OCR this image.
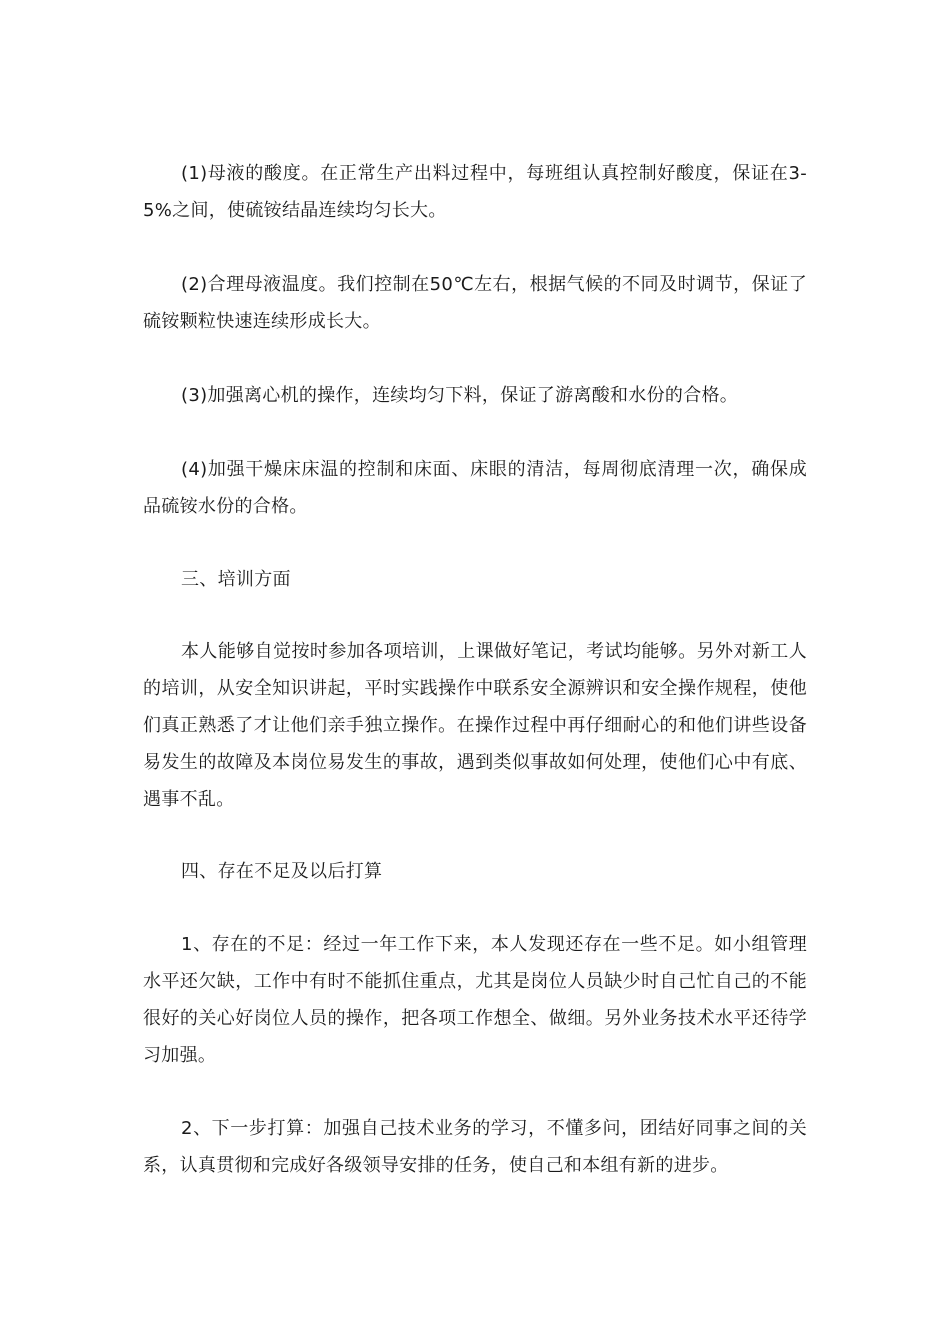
(1)母液的酸度。在正常生产出料过程中，每班组认真控制好酸度，保证在3-5%之间，使硫铵结晶连续均匀长大。

(2)合理母液温度。我们控制在50℃左右，根据气候的不同及时调节，保证了硫铵颗粒快速连续形成长大。

(3)加强离心机的操作，连续均匀下料，保证了游离酸和水份的合格。

(4)加强干燥床床温的控制和床面、床眼的清洁，每周彻底清理一次，确保成品硫铵水份的合格。

三、培训方面

本人能够自觉按时参加各项培训，上课做好笔记，考试均能够。另外对新工人的培训，从安全知识讲起，平时实践操作中联系安全源辨识和安全操作规程，使他们真正熟悉了才让他们亲手独立操作。在操作过程中再仔细耐心的和他们讲些设备易发生的故障及本岗位易发生的事故，遇到类似事故如何处理，使他们心中有底、遇事不乱。

四、存在不足及以后打算

1、存在的不足：经过一年工作下来，本人发现还存在一些不足。如小组管理水平还欠缺，工作中有时不能抓住重点，尤其是岗位人员缺少时自己忙自己的不能很好的关心好岗位人员的操作，把各项工作想全、做细。另外业务技术水平还待学习加强。

2、下一步打算：加强自己技术业务的学习，不懂多问，团结好同事之间的关系，认真贯彻和完成好各级领导安排的任务，使自己和本组有新的进步。
